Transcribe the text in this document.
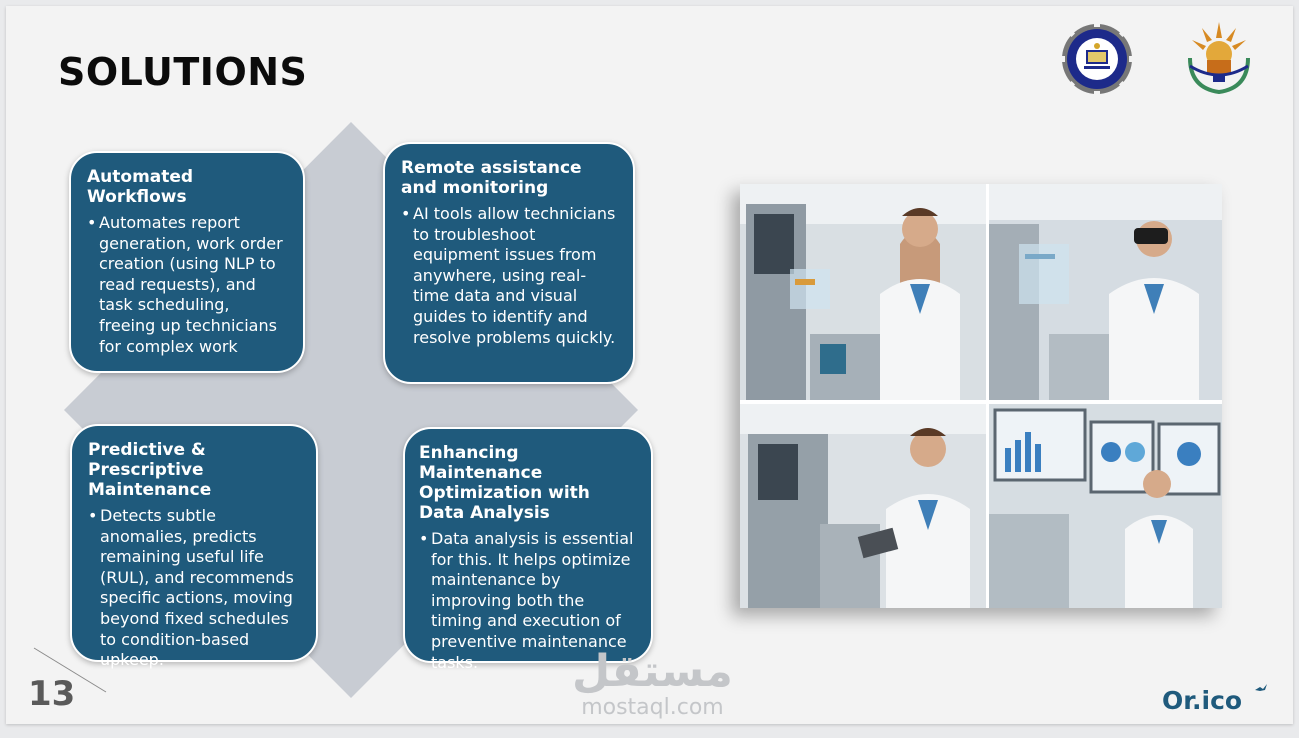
SOLUTIONS
Automated Workflows
• Automates report generation, work order creation (using NLP to read requests), and task scheduling, freeing up technicians for complex work
Remote assistance and monitoring
• AI tools allow technicians to troubleshoot equipment issues from anywhere, using real-time data and visual guides to identify and resolve problems quickly.
Predictive & Prescriptive Maintenance
• Detects subtle anomalies, predicts remaining useful life (RUL), and recommends specific actions, moving beyond fixed schedules to condition-based upkeep.
Enhancing Maintenance Optimization with Data Analysis
• Data analysis is essential for this. It helps optimize maintenance by improving both the timing and execution of preventive maintenance tasks.
13	مستقل
mostaql.com	Or.ico
